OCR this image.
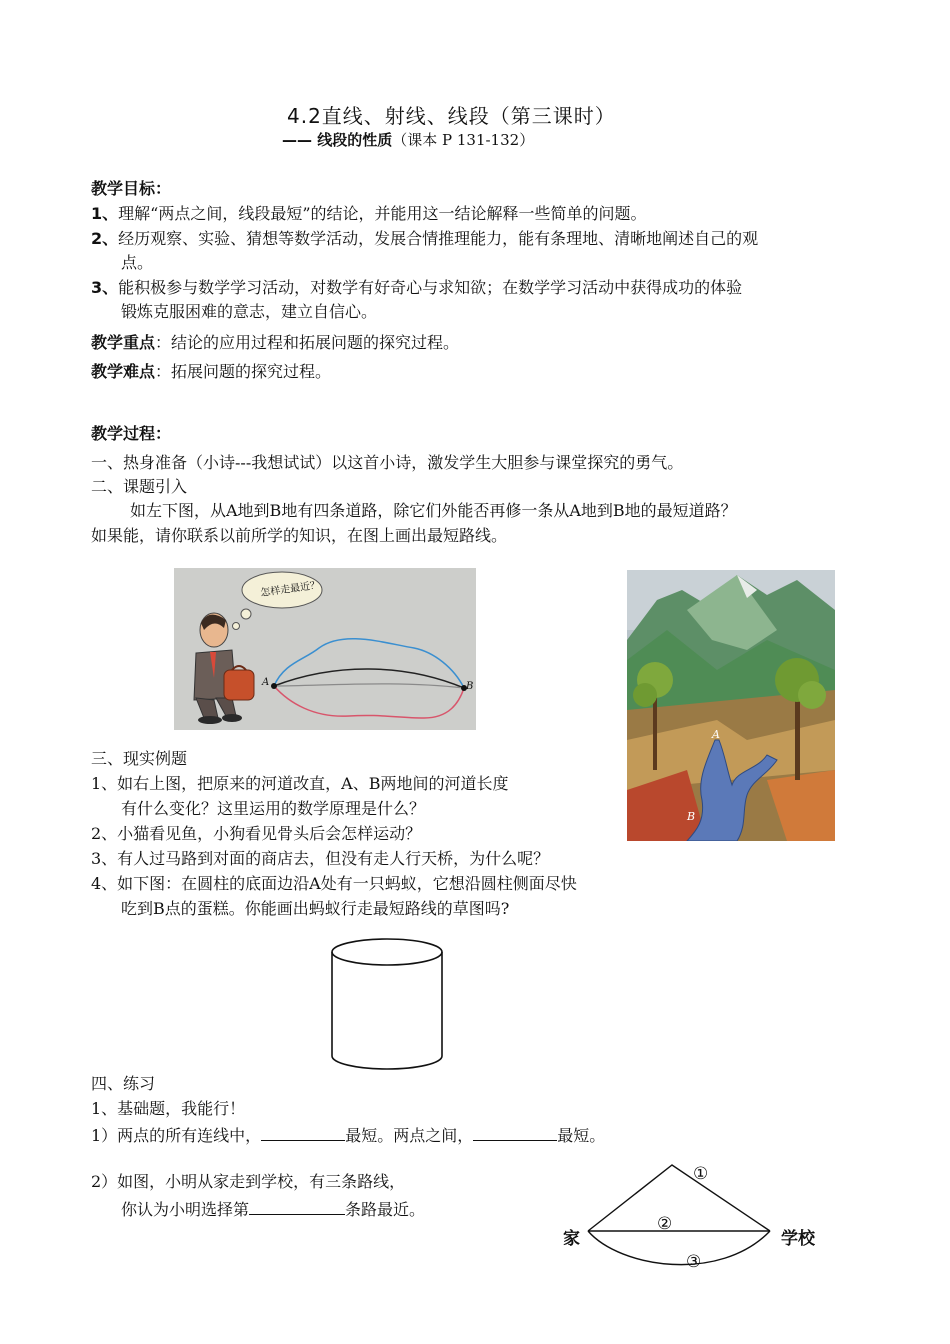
4.2直线、射线、线段（第三课时）
—— 线段的性质（课本 P 131-132）
教学目标：
1、理解“两点之间，线段最短”的结论，并能用这一结论解释一些简单的问题。
2、经历观察、实验、猜想等数学活动，发展合情推理能力，能有条理地、清晰地阐述自己的观
点。
3、能积极参与数学学习活动，对数学有好奇心与求知欲；在数学学习活动中获得成功的体验
锻炼克服困难的意志，建立自信心。
教学重点：结论的应用过程和拓展问题的探究过程。
教学难点：拓展问题的探究过程。
教学过程：
一、热身准备（小诗---我想试试）以这首小诗，激发学生大胆参与课堂探究的勇气。
二、课题引入
如左下图，从A地到B地有四条道路，除它们外能否再修一条从A地到B地的最短道路？
如果能，请你联系以前所学的知识，在图上画出最短路线。
怎样走最近？
A	B
A
B
三、现实例题
1、如右上图，把原来的河道改直，A、B两地间的河道长度
有什么变化？这里运用的数学原理是什么？
2、小猫看见鱼，小狗看见骨头后会怎样运动？
3、有人过马路到对面的商店去，但没有走人行天桥，为什么呢？
4、如下图：在圆柱的底面边沿A处有一只蚂蚁，它想沿圆柱侧面尽快
吃到B点的蛋糕。你能画出蚂蚁行走最短路线的草图吗?
四、练习
1、基础题，我能行！
1）两点的所有连线中，	最短。两点之间，	最短。
2）如图，小明从家走到学校，有三条路线，
你认为小明选择第	条路最近。
家	学校
①
②
③
